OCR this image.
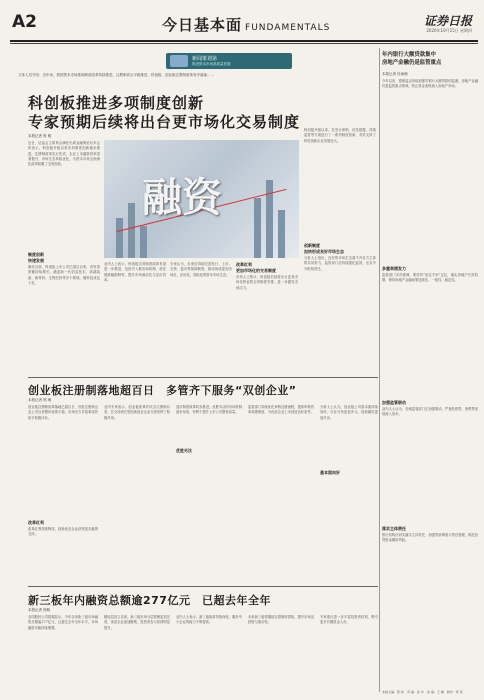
A2	今日基本面 FUNDAMENTALS	证券日报
2020年10月15日 星期四
新闻策划第
推进资本市场高质量发展
文体人员介绍：近年来，我国资本市场基础制度改革持续推进，注册制试点平稳推进，科创板、创业板注册制改革有序落地……
科创板推进多项制度创新
专家预期后续将出台更市场化交易制度
本报记者 张 敏
近日，证监会主席易会满在出席金融街论坛年会时表示，科创板开板以来各项制度创新稳步推进，注册制改革先行先试，企业上市融资效率显著提升，市场生态持续优化，为资本市场全面深化改革积累了宝贵经验。
制度创新
快速发展
截至目前，科创板上市公司已超过百家，首发募资额持续增长，涵盖新一代信息技术、高端装备、新材料、生物医药等多个领域，硬科技成色十足。
融资
业内人士表示，科创板交易制度改革有望进一步推进，包括引入做市商机制、优化涨跌幅限制等，提升市场流动性与定价效率。
专家认为，未来应持续完善发行、上市、交易、退市等基础制度，推动形成更加市场化、法治化、国际化的资本市场生态。
改革红利
更加市场化的交易制度
市场人士预计，科创板后续将出台更具市场化特征的交易制度安排，进一步激发市场活力。
科创板开板以来，在发行承销、信息披露、持续监管等方面进行了一系列制度创新，有效支持了科技创新企业发展壮大。
创新制度
加快形成良好市场生态
分析人士指出，良好的市场生态离不开各方主体的共同努力，监管部门应持续强化监管，压实中介机构责任。
创业板注册制落地超百日　多管齐下服务“双创企业”
本报记者 邢 萌
创业板注册制改革落地已超百日，首批注册制企业上市以来整体表现平稳，市场各方对改革成效给予积极评价。
改革红利
改革红利持续释放，创新创业企业获得更多融资支持。
业内专家表示，创业板改革并试点注册制以来，在支持成长型创新创业企业方面发挥了积极作用。
优胜劣汰
退市制度改革同步推进，优胜劣汰的市场机制逐步形成，有利于提升上市公司整体质量。
监管部门持续优化审核注册流程，提高审核效率和透明度，为优质企业上市创造良好条件。
基本面向好
分析人士认为，创业板公司基本面持续向好，行业分布更加多元，创新属性更加突出。
新三板年内融资总额逾277亿元　已超去年全年
本报记者 邢萌
全国股转公司数据显示，今年以来新三板市场融资总额逾277亿元，已超过去年全年水平，市场融资功能持续增强。
精选层设立以来，新三板市场分层管理更加完善，优质企业加速聚集，投资者参与热情明显提升。
业内人士表示，新三板改革持续深化，服务中小企业的能力不断提高。
未来新三板将继续完善制度供给，提升市场活跃度与流动性。
专家建议进一步丰富投资者结构，吸引更多长期资金入市。
年内银行大额贷款集中
房地产金融仍是监管重点
本报记者 杜雨萌
今年以来，银保监会持续加强对银行大额贷款的监测，房地产金融仍是监管重点领域，防止资金违规流入房地产市场。
多重举措发力
监管部门多次强调，要坚持“房住不炒”定位，落实房地产长效机制，保持房地产金融政策连续性、一致性、稳定性。
加强监管联动
业内人士认为，各地监管部门正加强联动，严查经营贷、消费贷违规流入房市。
落实主体责任
银行机构应切实落实主体责任，加强贷前调查与贷后管理，防范信贷资金挪用风险。
本版主编：陈 炜　责 编：孙 华　美 编：王 琳　制作：郑 荣
